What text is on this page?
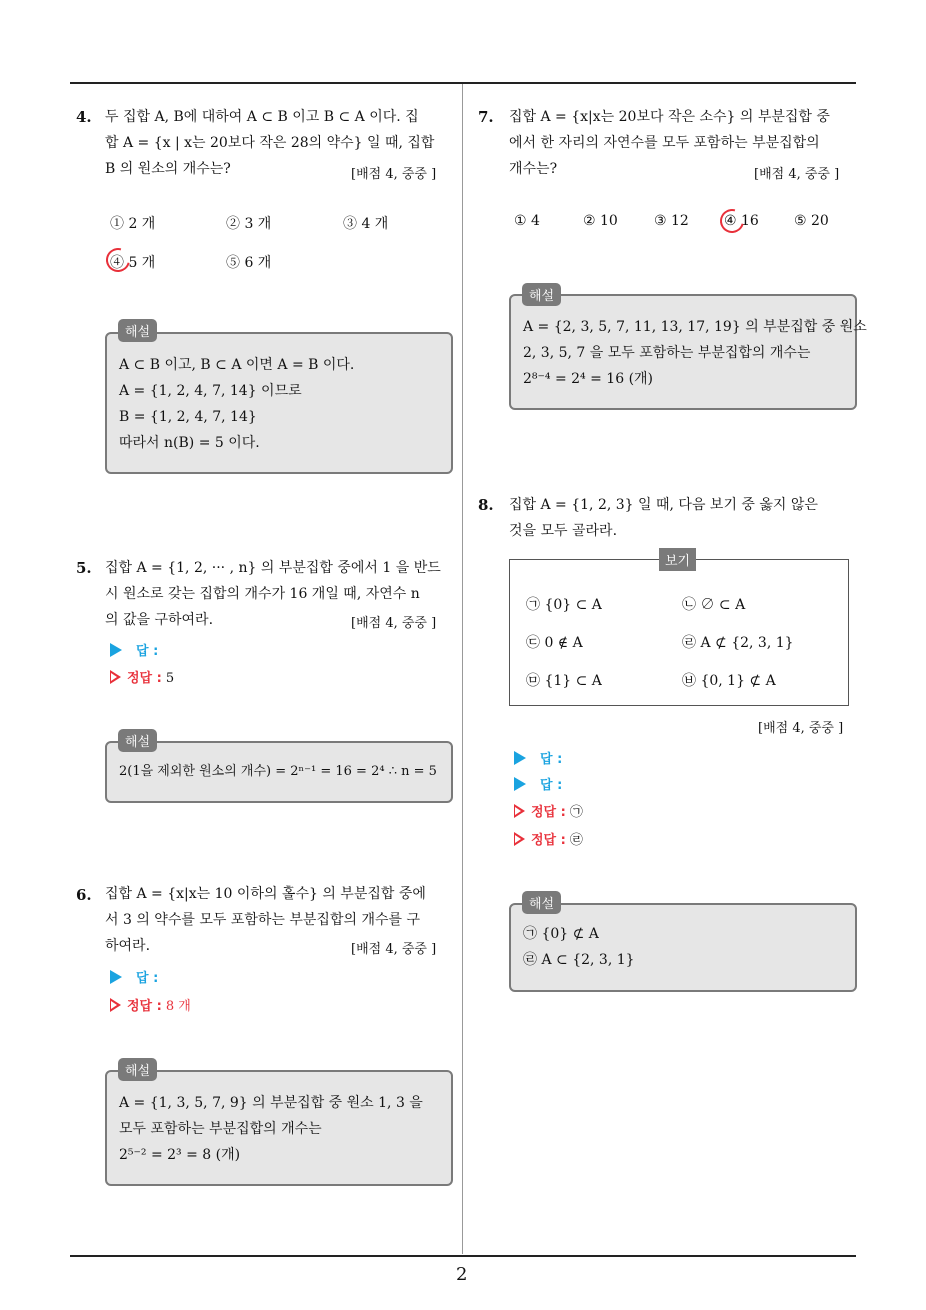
2
4. 두 집합 A, B에 대하여 A ⊂ B 이고 B ⊂ A 이다. 집
합 A = {x | x는 20보다 작은 28의 약수} 일 때, 집합
B 의 원소의 개수는?	[배점 4, 중중 ]
① 2 개	② 3 개	③ 4 개
④ 5 개	⑤ 6 개
A ⊂ B 이고, B ⊂ A 이면 A = B 이다.
A = {1, 2, 4, 7, 14} 이므로
B = {1, 2, 4, 7, 14}
따라서 n(B) = 5 이다.
해설
5. 집합 A = {1, 2, ··· , n} 의 부분집합 중에서 1 을 반드
시 원소로 갖는 집합의 개수가 16 개일 때, 자연수 n
의 값을 구하여라.	[배점 4, 중중 ]
답 :
정답 : 5
2(1을 제외한 원소의 개수) = 2ⁿ⁻¹ = 16 = 2⁴ ∴ n = 5
해설
6. 집합 A = {x|x는 10 이하의 홀수} 의 부분집합 중에
서 3 의 약수를 모두 포함하는 부분집합의 개수를 구
하여라.	[배점 4, 중중 ]
답 :
정답 : 8 개
A = {1, 3, 5, 7, 9} 의 부분집합 중 원소 1, 3 을
모두 포함하는 부분집합의 개수는
2⁵⁻² = 2³ = 8 (개)
해설
7. 집합 A = {x|x는 20보다 작은 소수} 의 부분집합 중
에서 한 자리의 자연수를 모두 포함하는 부분집합의
개수는?	[배점 4, 중중 ]
① 4	② 10	③ 12	④ 16	⑤ 20
A = {2, 3, 5, 7, 11, 13, 17, 19} 의 부분집합 중 원소
2, 3, 5, 7 을 모두 포함하는 부분집합의 개수는
2⁸⁻⁴ = 2⁴ = 16 (개)
해설
8. 집합 A = {1, 2, 3} 일 때, 다음 보기 중 옳지 않은
것을 모두 골라라.
㉠ {0} ⊂ A	㉡ ∅ ⊂ A
㉢ 0 ∉ A	㉣ A ⊄ {2, 3, 1}
㉤ {1} ⊂ A	㉥ {0, 1} ⊄ A
보기
[배점 4, 중중 ]
답 :
답 :
정답 : ㉠
정답 : ㉣
㉠ {0} ⊄ A
㉣ A ⊂ {2, 3, 1}
해설
